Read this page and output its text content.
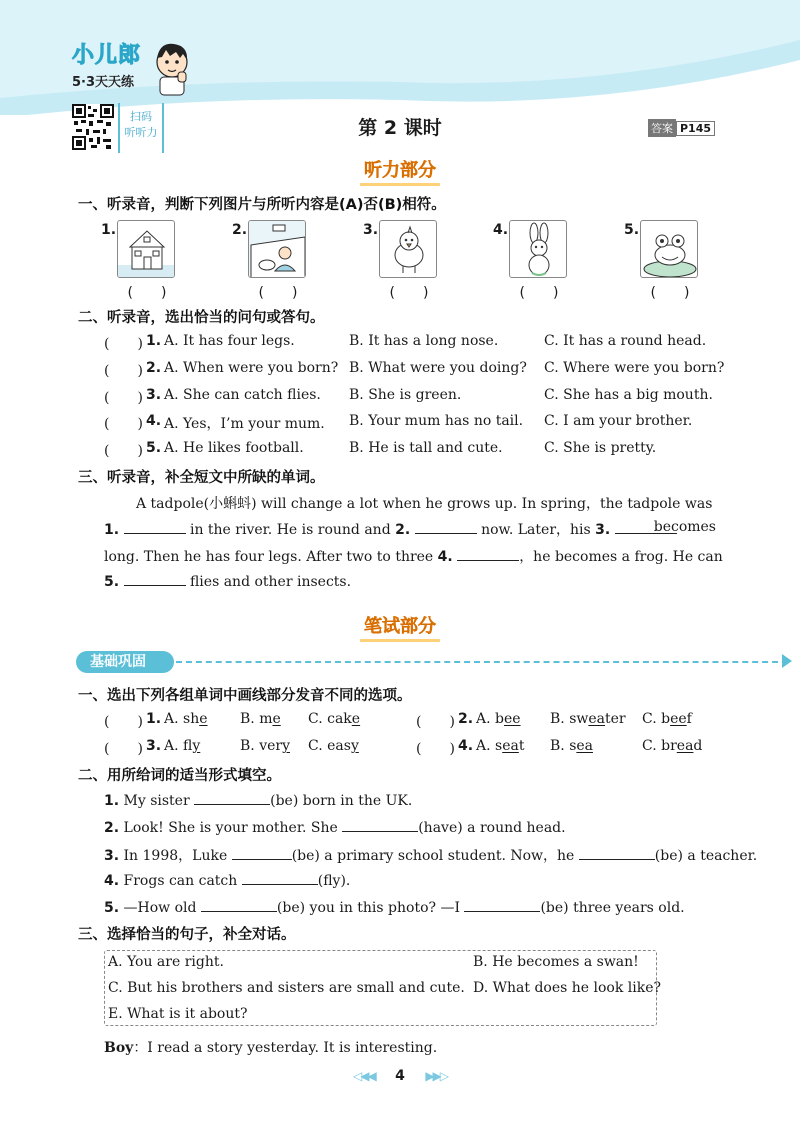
小儿郎
5·3天天练
扫码
听听力	第 2 课时	答案 P145
听力部分
一、听录音，判断下列图片与所听内容是(A)否(B)相符。
1.
(　　)
2.
(　　)
3.
(　　)
4.
(　　)
5.
(　　)
二、听录音，选出恰当的问句或答句。
(　　) 1. A. It has four legs.	B. It has a long nose.	C. It has a round head.
(　　) 2. A. When were you born? B. What were you doing? C. Where were you born?
(　　) 3. A. She can catch flies. B. She is green.	C. She has a big mouth.
(　　) 4. A. Yes，I’m your mum. B. Your mum has no tail. C. I am your brother.
(　　) 5. A. He likes football.	B. He is tall and cute.	C. She is pretty.
三、听录音，补全短文中所缺的单词。
A tadpole(小蝌蚪) will change a lot when he grows up. In spring，the tadpole was
1.	in the river. He is round and 2.	now. Later，his 3.	becomes
long. Then he has four legs. After two to three 4.	，he becomes a frog. He can
5.	flies and other insects.
笔试部分
基础巩固
一、选出下列各组单词中画线部分发音不同的选项。
(　　) 1. A. she B. me C. cake	(　　) 2. A. bee B. sweater C. beef
(　　) 3. A. fly	B. very C. easy	(　　) 4. A. seat B. sea	C. bread
二、用所给词的适当形式填空。
1. My sister	(be) born in the UK.
2. Look! She is your mother. She	(have) a round head.
3. In 1998，Luke	(be) a primary school student. Now，he	(be) a teacher.
4. Frogs can catch	(fly).
5. —How old	(be) you in this photo? —I	(be) three years old.
三、选择恰当的句子，补全对话。
A. You are right.	B. He becomes a swan!
C. But his brothers and sisters are small and cute. D. What does he look like?
E. What is it about?
Boy：I read a story yesterday. It is interesting.
◁◀◀ 4 ▶▶▷
